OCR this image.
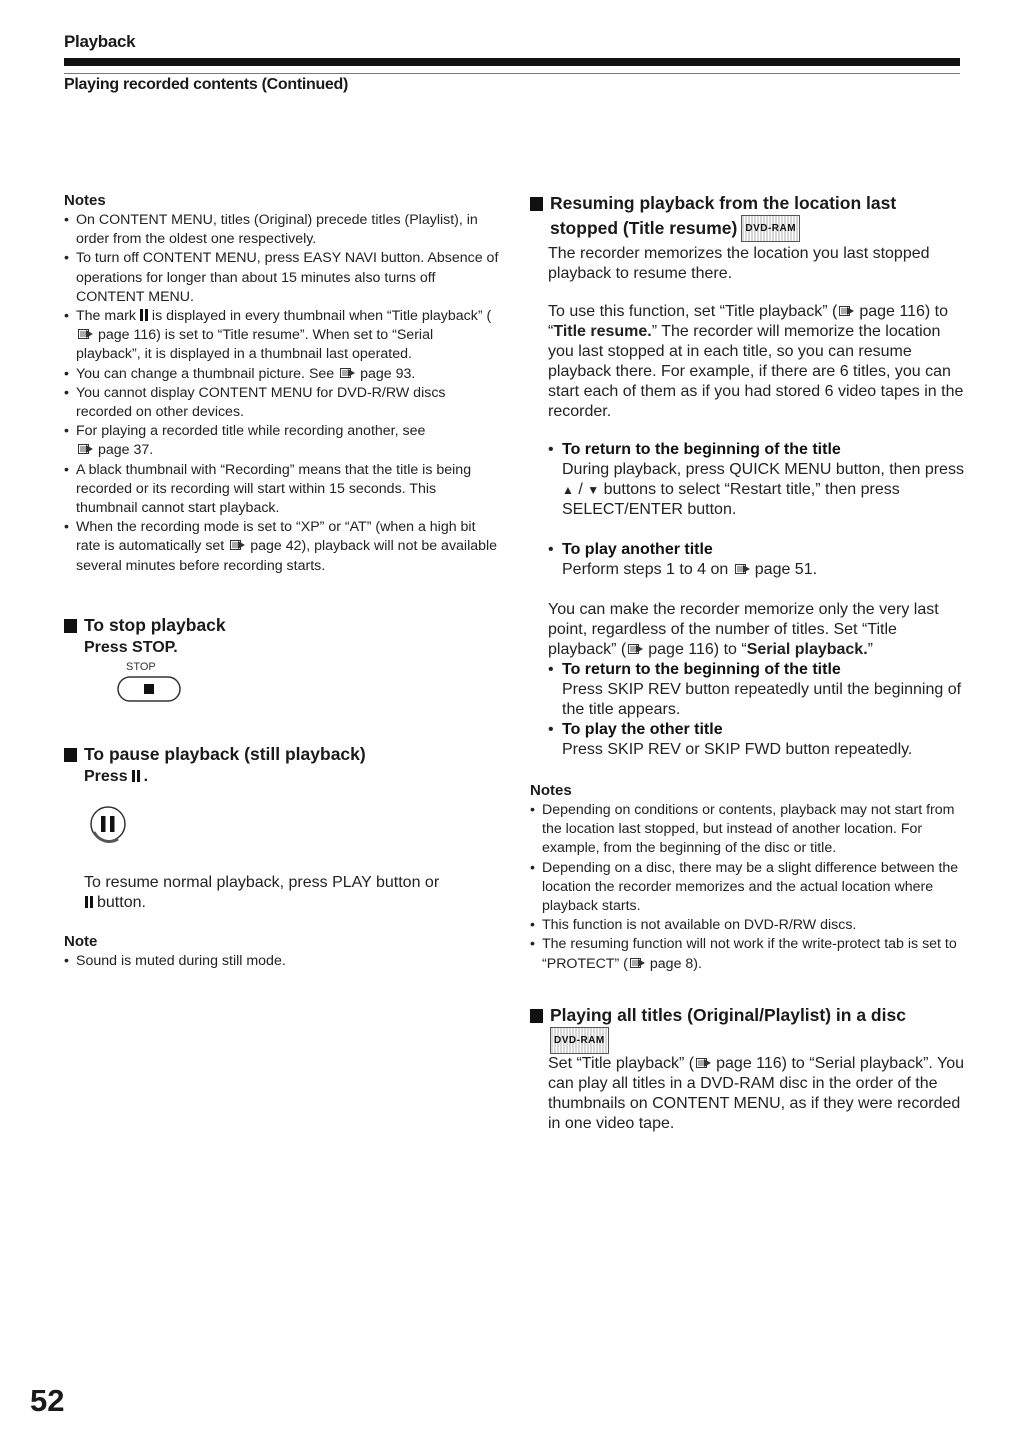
Playback
Playing recorded contents (Continued)
Notes
• On CONTENT MENU, titles (Original) precede titles (Playlist), in order from the oldest one respectively.
• To turn off CONTENT MENU, press EASY NAVI button. Absence of operations for longer than about 15 minutes also turns off CONTENT MENU.
• The mark is displayed in every thumbnail when “Title playback” (page 116) is set to “Title resume”. When set to “Serial playback”, it is displayed in a thumbnail last operated.
• You can change a thumbnail picture. See page 93.
• You cannot display CONTENT MENU for DVD-R/RW discs recorded on other devices.
• For playing a recorded title while recording another, see
page 37.
• A black thumbnail with “Recording” means that the title is being recorded or its recording will start within 15 seconds. This thumbnail cannot start playback.
• When the recording mode is set to “XP” or “AT” (when a high bit rate is automatically set page 42), playback will not be available several minutes before recording starts.
To stop playback
Press STOP.
STOP
To pause playback (still playback)
Press .
To resume normal playback, press PLAY button or
button.
Note
• Sound is muted during still mode.
Resuming playback from the location last stopped (Title resume) DVD-RAM
The recorder memorizes the location you last stopped playback to resume there.
To use this function, set “Title playback” ( page 116) to “Title resume.” The recorder will memorize the location you last stopped at in each title, so you can resume playback there. For example, if there are 6 titles, you can start each of them as if you had stored 6 video tapes in the recorder.
• To return to the beginning of the title
During playback, press QUICK MENU button, then press ▲ / ▼ buttons to select “Restart title,” then press SELECT/ENTER button.
• To play another title
Perform steps 1 to 4 on page 51.
You can make the recorder memorize only the very last point, regardless of the number of titles. Set “Title playback” ( page 116) to “Serial playback.”
• To return to the beginning of the title
Press SKIP REV button repeatedly until the beginning of the title appears.
• To play the other title
Press SKIP REV or SKIP FWD button repeatedly.
Notes
• Depending on conditions or contents, playback may not start from the location last stopped, but instead of another location. For example, from the beginning of the disc or title.
• Depending on a disc, there may be a slight difference between the location the recorder memorizes and the actual location where playback starts.
• This function is not available on DVD-R/RW discs.
• The resuming function will not work if the write-protect tab is set to “PROTECT” ( page 8).
Playing all titles (Original/Playlist) in a disc
DVD-RAM
Set “Title playback” ( page 116) to “Serial playback”. You can play all titles in a DVD-RAM disc in the order of the thumbnails on CONTENT MENU, as if they were recorded in one video tape.
52
